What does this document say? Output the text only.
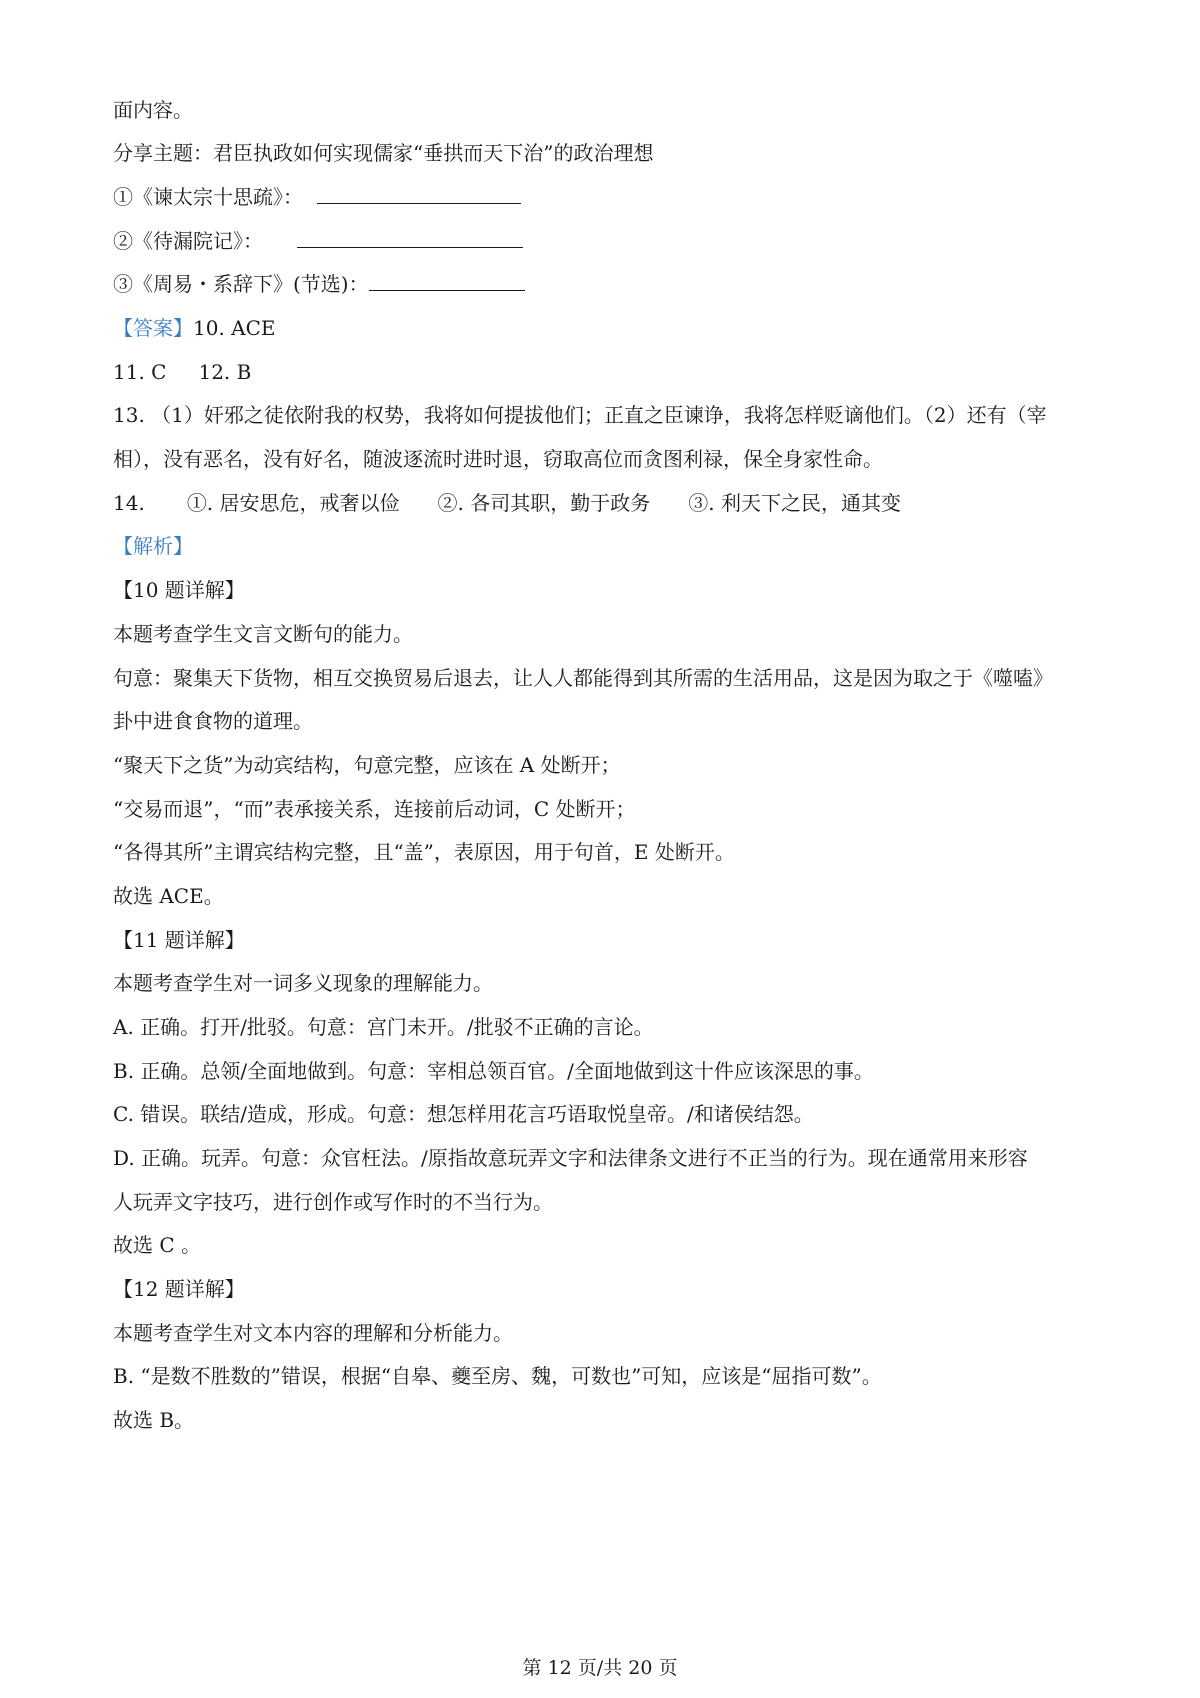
面内容。
分享主题：君臣执政如何实现儒家“垂拱而天下治”的政治理想
①《谏太宗十思疏》：
②《待漏院记》：
③《周易・系辞下》(节选)：
【答案】10. ACE
11. C 12. B
13. （1）奸邪之徒依附我的权势，我将如何提拔他们；正直之臣谏诤，我将怎样贬谪他们。（2）还有（宰
相），没有恶名，没有好名，随波逐流时进时退，窃取高位而贪图利禄，保全身家性命。
14. ①. 居安思危，戒奢以俭 ②. 各司其职，勤于政务 ③. 利天下之民，通其变
【解析】
【10 题详解】
本题考查学生文言文断句的能力。
句意：聚集天下货物，相互交换贸易后退去，让人人都能得到其所需的生活用品，这是因为取之于《噬嗑》
卦中进食食物的道理。
“聚天下之货”为动宾结构，句意完整，应该在 A 处断开；
“交易而退”，“而”表承接关系，连接前后动词，C 处断开；
“各得其所”主谓宾结构完整，且“盖”，表原因，用于句首，E 处断开。
故选 ACE。
【11 题详解】
本题考查学生对一词多义现象的理解能力。
A. 正确。打开/批驳。句意：宫门未开。/批驳不正确的言论。
B. 正确。总领/全面地做到。句意：宰相总领百官。/全面地做到这十件应该深思的事。
C. 错误。联结/造成，形成。句意：想怎样用花言巧语取悦皇帝。/和诸侯结怨。
D. 正确。玩弄。句意：众官枉法。/原指故意玩弄文字和法律条文进行不正当的行为。现在通常用来形容
人玩弄文字技巧，进行创作或写作时的不当行为。
故选 C 。
【12 题详解】
本题考查学生对文本内容的理解和分析能力。
B. “是数不胜数的”错误，根据“自皋、夔至房、魏，可数也”可知，应该是“屈指可数”。
故选 B。
第 12 页/共 20 页
